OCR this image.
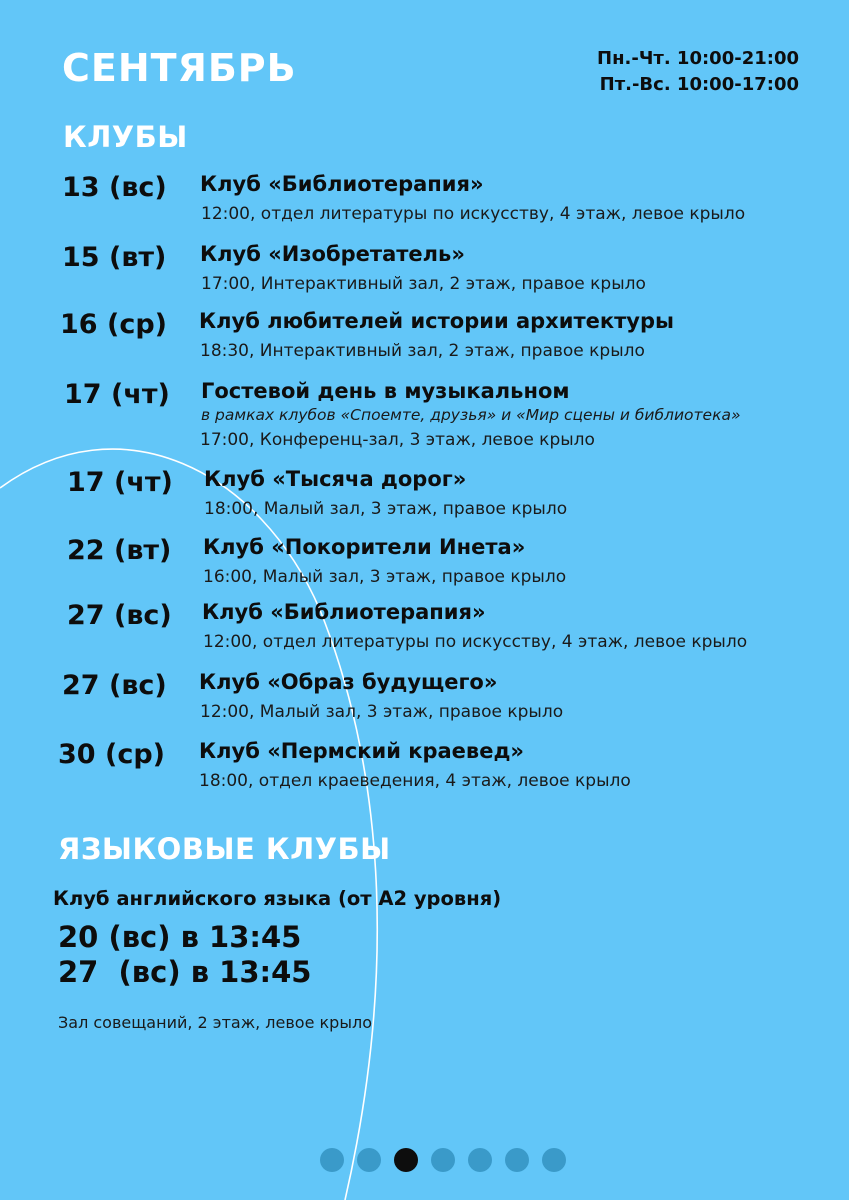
СЕНТЯБРЬ	Пн.-Чт. 10:00-21:00
Пт.-Вс. 10:00-17:00
КЛУБЫ
13 (вс) Клуб «Библиотерапия»
12:00, отдел литературы по искусству, 4 этаж, левое крыло
15 (вт) Клуб «Изобретатель»
17:00, Интерактивный зал, 2 этаж, правое крыло
16 (ср) Клуб любителей истории архитектуры
18:30, Интерактивный зал, 2 этаж, правое крыло
17 (чт) Гостевой день в музыкальном
в рамках клубов «Споемте, друзья» и «Мир сцены и библиотека»
17:00, Конференц-зал, 3 этаж, левое крыло
17 (чт) Клуб «Тысяча дорог»
18:00, Малый зал, 3 этаж, правое крыло
22 (вт) Клуб «Покорители Инета»
16:00, Малый зал, 3 этаж, правое крыло
27 (вс) Клуб «Библиотерапия»
12:00, отдел литературы по искусству, 4 этаж, левое крыло
27 (вс) Клуб «Образ будущего»
12:00, Малый зал, 3 этаж, правое крыло
30 (ср) Клуб «Пермский краевед»
18:00, отдел краеведения, 4 этаж, левое крыло
ЯЗЫКОВЫЕ КЛУБЫ
Клуб английского языка (от А2 уровня)
20 (вс) в 13:45
27  (вс) в 13:45
Зал совещаний, 2 этаж, левое крыло
